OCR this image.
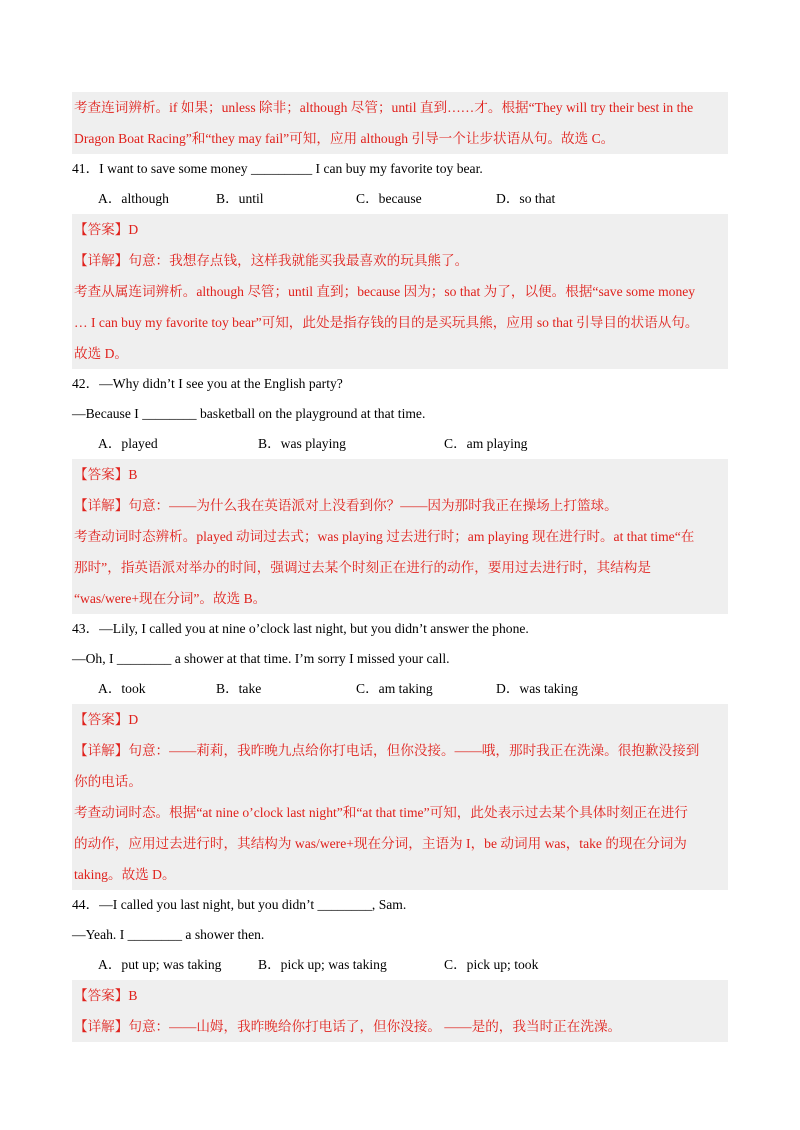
考查连词辨析。if 如果；unless 除非；although 尽管；until 直到……才。根据“They will try their best in the

Dragon Boat Racing”和“they may fail”可知，应用 although 引导一个让步状语从句。故选 C。

41．I want to save some money _________ I can buy my favorite toy bear.

A．although	B．until	C．because	D．so that

【答案】D

【详解】句意：我想存点钱，这样我就能买我最喜欢的玩具熊了。

考查从属连词辨析。although 尽管；until 直到；because 因为；so that 为了，以便。根据“save some money

… I can buy my favorite toy bear”可知，此处是指存钱的目的是买玩具熊，应用 so that 引导目的状语从句。

故选 D。

42．—Why didn’t I see you at the English party?

—Because I ________ basketball on the playground at that time.

A．played	B．was playing	C．am playing

【答案】B

【详解】句意：——为什么我在英语派对上没看到你？——因为那时我正在操场上打篮球。

考查动词时态辨析。played 动词过去式；was playing 过去进行时；am playing 现在进行时。at that time“在

那时”，指英语派对举办的时间，强调过去某个时刻正在进行的动作，要用过去进行时，其结构是

“was/were+现在分词”。故选 B。

43．—Lily, I called you at nine o’clock last night, but you didn’t answer the phone.

—Oh, I ________ a shower at that time. I’m sorry I missed your call.

A．took	B．take	C．am taking	D．was taking

【答案】D

【详解】句意：——莉莉，我昨晚九点给你打电话，但你没接。——哦，那时我正在洗澡。很抱歉没接到

你的电话。

考查动词时态。根据“at nine o’clock last night”和“at that time”可知，此处表示过去某个具体时刻正在进行

的动作，应用过去进行时，其结构为 was/were+现在分词，主语为 I，be 动词用 was，take 的现在分词为

taking。故选 D。

44．—I called you last night, but you didn’t ________, Sam.

—Yeah. I ________ a shower then.

A．put up; was taking	B．pick up; was taking	C．pick up; took

【答案】B

【详解】句意：——山姆，我昨晚给你打电话了，但你没接。 ——是的，我当时正在洗澡。
